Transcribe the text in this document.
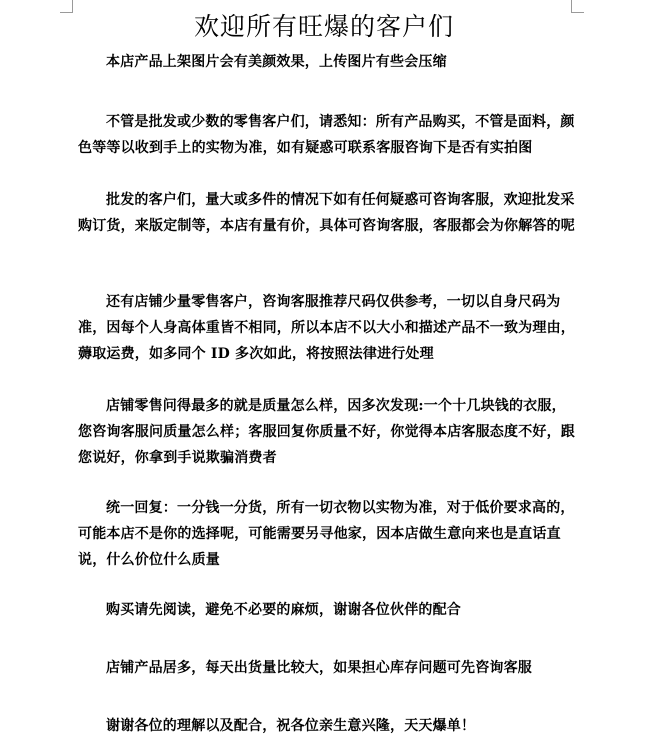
欢迎所有旺爆的客户们

本店产品上架图片会有美颜效果，上传图片有些会压缩

不管是批发或少数的零售客户们，请悉知：所有产品购买，不管是面料，颜色等等以收到手上的实物为准，如有疑惑可联系客服咨询下是否有实拍图

批发的客户们，量大或多件的情况下如有任何疑惑可咨询客服，欢迎批发采购订货，来版定制等，本店有量有价，具体可咨询客服，客服都会为你解答的呢

还有店铺少量零售客户，咨询客服推荐尺码仅供参考，一切以自身尺码为准，因每个人身高体重皆不相同，所以本店不以大小和描述产品不一致为理由，薅取运费，如多同个 ID 多次如此，将按照法律进行处理

店铺零售问得最多的就是质量怎么样，因多次发现:一个十几块钱的衣服，您咨询客服问质量怎么样；客服回复你质量不好，你觉得本店客服态度不好，跟您说好，你拿到手说欺骗消费者

统一回复：一分钱一分货，所有一切衣物以实物为准，对于低价要求高的，可能本店不是你的选择呢，可能需要另寻他家，因本店做生意向来也是直话直说，什么价位什么质量

购买请先阅读，避免不必要的麻烦，谢谢各位伙伴的配合

店铺产品居多，每天出货量比较大，如果担心库存问题可先咨询客服

谢谢各位的理解以及配合，祝各位亲生意兴隆，天天爆单！
